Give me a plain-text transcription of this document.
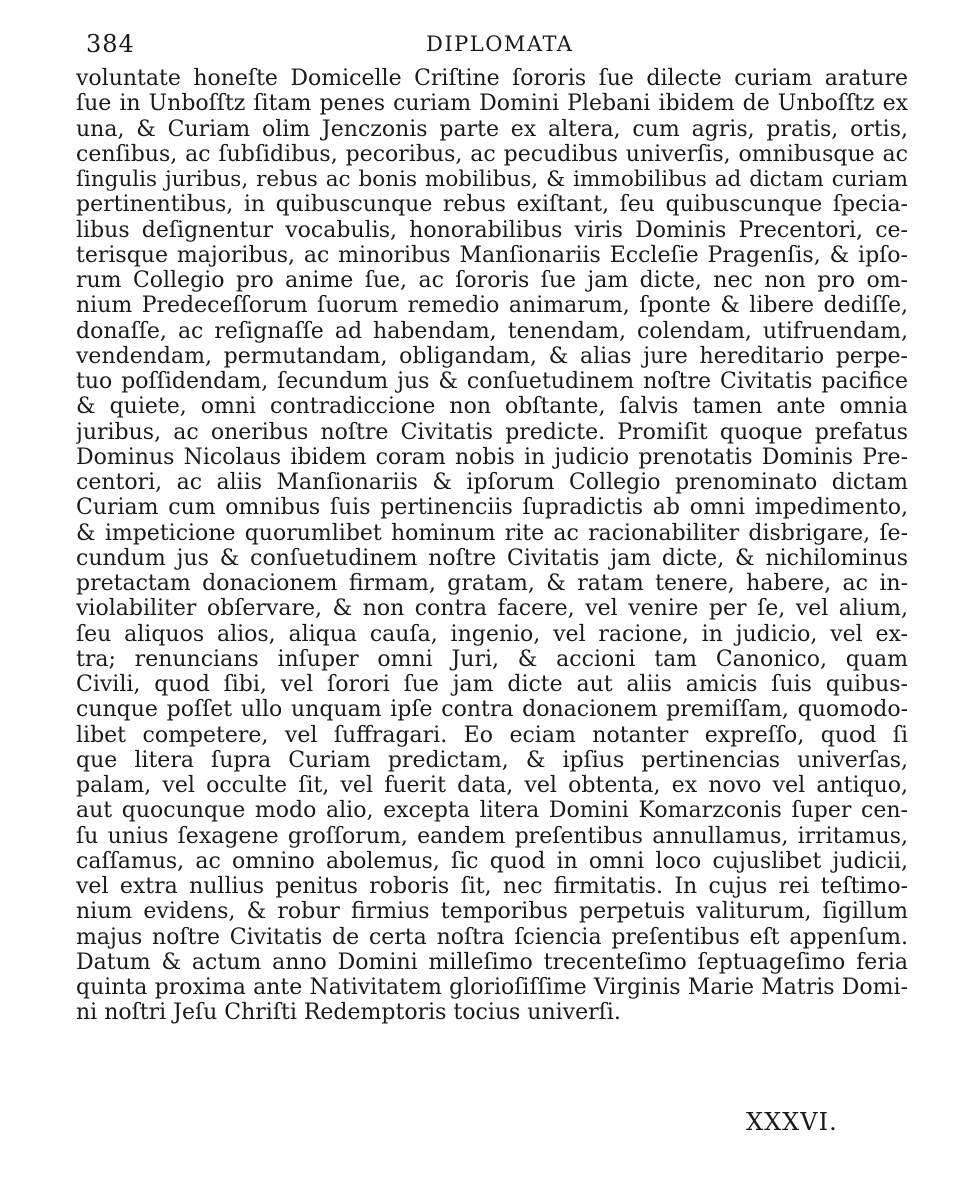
384	DIPLOMATA
voluntate honeſte Domicelle Criſtine ſororis ſue dilecte curiam arature
ſue in Unboſſtz ſitam penes curiam Domini Plebani ibidem de Unboſſtz ex
una, & Curiam olim Jenczonis parte ex altera, cum agris, pratis, ortis,
cenſibus, ac ſubſidibus, pecoribus, ac pecudibus univerſis, omnibusque ac
ſingulis juribus, rebus ac bonis mobilibus, & immobilibus ad dictam curiam
pertinentibus, in quibuscunque rebus exiſtant, ſeu quibuscunque ſpecia-
libus deſignentur vocabulis, honorabilibus viris Dominis Precentori, ce-
terisque majoribus, ac minoribus Manſionariis Eccleſie Pragenſis, & ipſo-
rum Collegio pro anime ſue, ac ſororis ſue jam dicte, nec non pro om-
nium Predeceſſorum ſuorum remedio animarum, ſponte & libere dediſſe,
donaſſe, ac reſignaſſe ad habendam, tenendam, colendam, utifruendam,
vendendam, permutandam, obligandam, & alias jure hereditario perpe-
tuo poſſidendam, ſecundum jus & conſuetudinem noſtre Civitatis pacifice
& quiete, omni contradiccione non obſtante, ſalvis tamen ante omnia
juribus, ac oneribus noſtre Civitatis predicte. Promiſit quoque prefatus
Dominus Nicolaus ibidem coram nobis in judicio prenotatis Dominis Pre-
centori, ac aliis Manſionariis & ipſorum Collegio prenominato dictam
Curiam cum omnibus ſuis pertinenciis ſupradictis ab omni impedimento,
& impeticione quorumlibet hominum rite ac racionabiliter disbrigare, ſe-
cundum jus & conſuetudinem noſtre Civitatis jam dicte, & nichilominus
pretactam donacionem firmam, gratam, & ratam tenere, habere, ac in-
violabiliter obſervare, & non contra facere, vel venire per ſe, vel alium,
ſeu aliquos alios, aliqua cauſa, ingenio, vel racione, in judicio, vel ex-
tra; renuncians inſuper omni Juri, & accioni tam Canonico, quam
Civili, quod ſibi, vel ſorori ſue jam dicte aut aliis amicis ſuis quibus-
cunque poſſet ullo unquam ipſe contra donacionem premiſſam, quomodo-
libet competere, vel ſuffragari. Eo eciam notanter expreſſo, quod ſi
que litera ſupra Curiam predictam, & ipſius pertinencias univerſas,
palam, vel occulte ſit, vel fuerit data, vel obtenta, ex novo vel antiquo,
aut quocunque modo alio, excepta litera Domini Komarzconis ſuper cen-
ſu unius ſexagene groſſorum, eandem preſentibus annullamus, irritamus,
caſſamus, ac omnino abolemus, ſic quod in omni loco cujuslibet judicii,
vel extra nullius penitus roboris ſit, nec firmitatis. In cujus rei teſtimo-
nium evidens, & robur firmius temporibus perpetuis valiturum, ſigillum
majus noſtre Civitatis de certa noſtra ſciencia preſentibus eſt appenſum.
Datum & actum anno Domini milleſimo trecenteſimo ſeptuageſimo feria
quinta proxima ante Nativitatem glorioſiſſime Virginis Marie Matris Domi-
ni noſtri Jeſu Chriſti Redemptoris tocius univerſi.
XXXVI.
